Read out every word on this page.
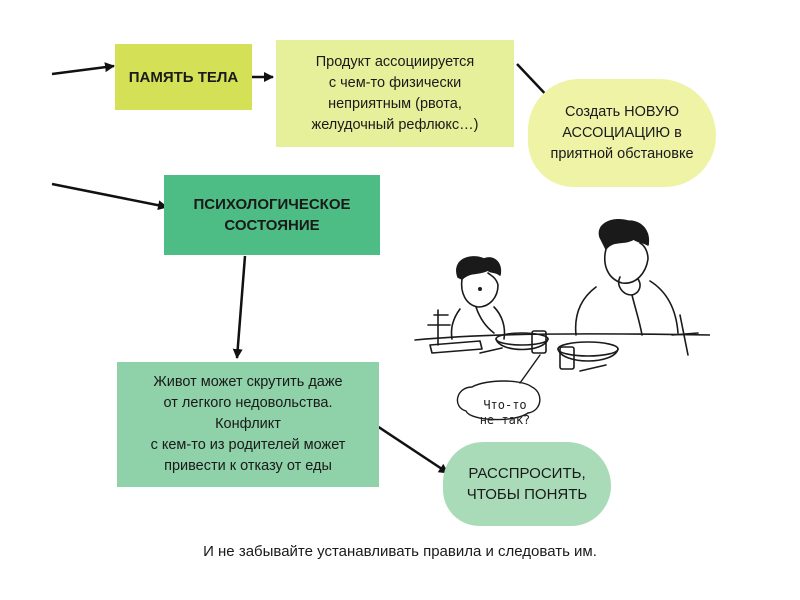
ПАМЯТЬ ТЕЛА
Продукт ассоциируется
с чем-то физически
неприятным (рвота,
желудочный рефлюкс…)
Создать НОВУЮ
АССОЦИАЦИЮ в
приятной обстановке
ПСИХОЛОГИЧЕСКОЕ
СОСТОЯНИЕ
Живот может скрутить даже
от легкого недовольства.
Конфликт
с кем-то из родителей может
привести к отказу от еды	РАССПРОСИТЬ,
ЧТОБЫ ПОНЯТЬ
Что-то
не так?
И не забывайте устанавливать правила и следовать им.
